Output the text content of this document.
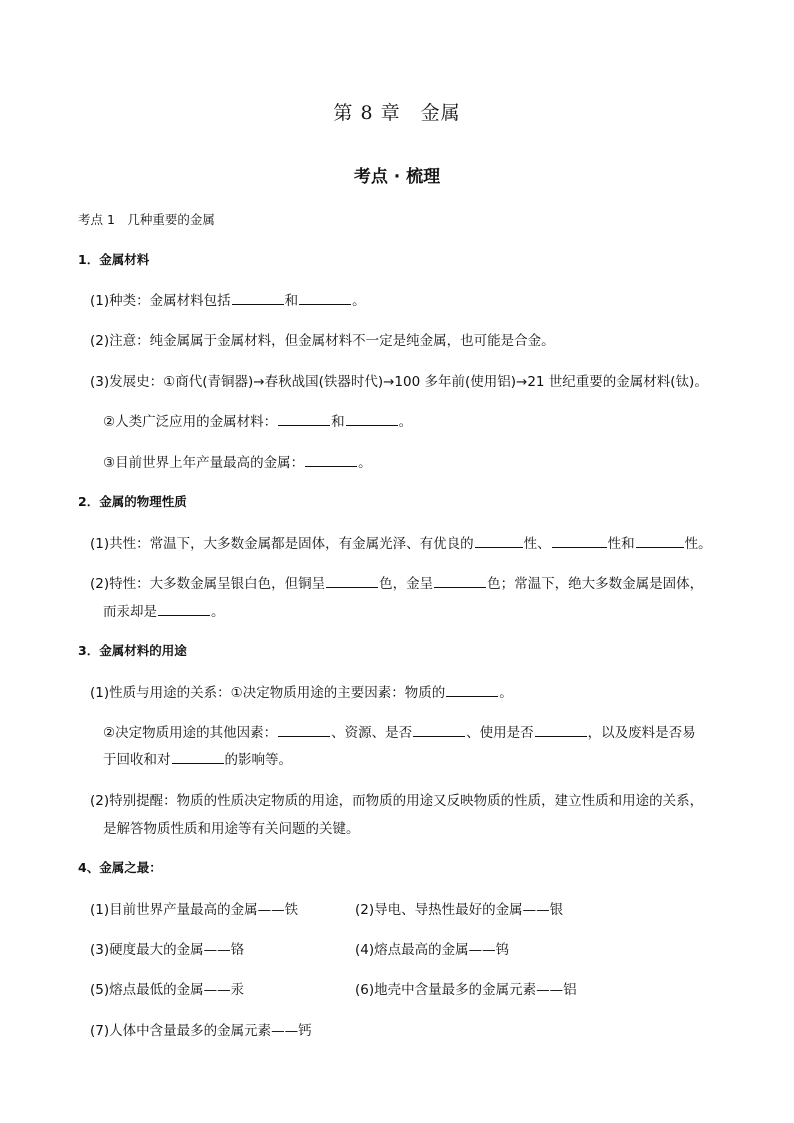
第 8 章　金属
考点 · 梳理
考点 1　几种重要的金属
1．金属材料
(1)种类：金属材料包括	和	。
(2)注意：纯金属属于金属材料，但金属材料不一定是纯金属，也可能是合金。
(3)发展史：①商代(青铜器)→春秋战国(铁器时代)→100 多年前(使用铝)→21 世纪重要的金属材料(钛)。
②人类广泛应用的金属材料：	和	。
③目前世界上年产量最高的金属：	。
2．金属的物理性质
(1)共性：常温下，大多数金属都是固体，有金属光泽、有优良的	性、	性和	性。
(2)特性：大多数金属呈银白色，但铜呈	色，金呈	色；常温下，绝大多数金属是固体，
而汞却是	。
3．金属材料的用途
(1)性质与用途的关系：①决定物质用途的主要因素：物质的	。
②决定物质用途的其他因素：	、资源、是否	、使用是否	，以及废料是否易
于回收和对	的影响等。
(2)特别提醒：物质的性质决定物质的用途，而物质的用途又反映物质的性质，建立性质和用途的关系，
是解答物质性质和用途等有关问题的关键。
4、金属之最：
(1)目前世界产量最高的金属——铁	(2)导电、导热性最好的金属——银
(3)硬度最大的金属——铬	(4)熔点最高的金属——钨
(5)熔点最低的金属——汞	(6)地壳中含量最多的金属元素——铝
(7)人体中含量最多的金属元素——钙
